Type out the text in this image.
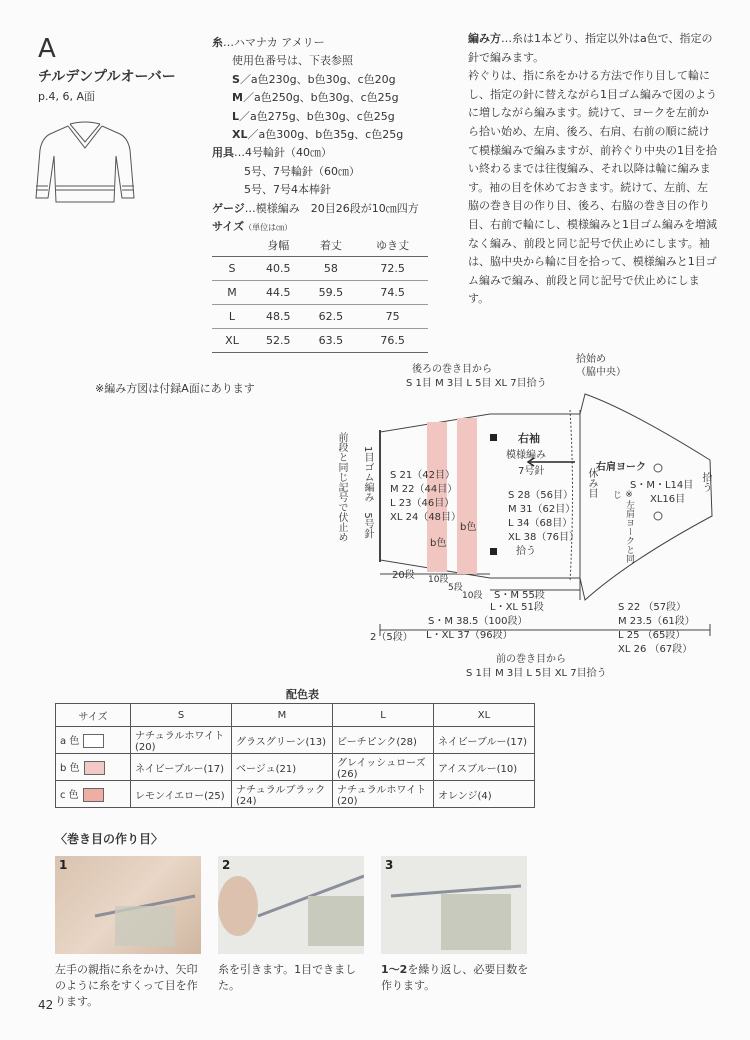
A
チルデンプルオーバー
p.4, 6, A面
糸…ハマナカ アメリー
使用色番号は、下表参照
S／a色230g、b色30g、c色20g
M／a色250g、b色30g、c色25g
L／a色275g、b色30g、c色25g
XL／a色300g、b色35g、c色25g
用具…4号輪針（40㎝）
5号、7号輪針（60㎝）
5号、7号4本棒針
ゲージ…模様編み　20目26段が10㎝四方
サイズ（単位は㎝）
	身幅	着丈	ゆき丈
S	40.5	58	72.5
M	44.5	59.5	74.5
L	48.5	62.5	75
XL	52.5	63.5	76.5

編み方…糸は1本どり、指定以外はa色で、指定の針で編みます。

衿ぐりは、指に糸をかける方法で作り目して輪にし、指定の針に替えながら1目ゴム編みで図のように増しながら編みます。続けて、ヨークを左前から拾い始め、左肩、後ろ、右肩、右前の順に続けて模様編みで編みますが、前衿ぐり中央の1目を拾い終わるまでは往復編み、それ以降は輪に編みます。袖の目を休めておきます。続けて、左前、左脇の巻き目の作り目、後ろ、右脇の巻き目の作り目、右前で輪にし、模様編みと1目ゴム編みを増減なく編み、前段と同じ記号で伏止めにします。袖は、脇中央から輪に目を拾って、模様編みと1目ゴム編みで編み、前段と同じ記号で伏止めにします。

※編み方図は付録A面にあります
後ろの巻き目から
S 1目 M 3目 L 5目 XL 7目拾う
拾始め
（脇中央）
右袖
模様編み
7号針	右肩ヨーク
S・M・L14目
XL16目
S 21（42目）
M 22（44目）
L 23（46目）
XL 24（48目）
b色
b色
S 28（56目）
M 31（62目）
L 34（68目）
XL 38（76目）
拾う
20段 10段
5段
10段 S・M 55段
L・XL 51段
S・M 38.5（100段）
L・XL 37（96段）
2（5段）
S 22 （57段）
M 23.5（61段）
L 25 （65段）
XL 26 （67段）
前の巻き目から
S 1目 M 3目 L 5目 XL 7目拾う
前段と同じ記号で伏止め 1目ゴム編み　5号針	休み目
※左肩ヨークと同じ
拾う
配色表
サイズ	S	M	L	XL
a 色	ナチュラルホワイト(20)	グラスグリーン(13)	ピーチピンク(28)	ネイビーブルー(17)
b 色	ネイビーブルー(17)	ベージュ(21)	グレイッシュローズ(26)	アイスブルー(10)
c 色	レモンイエロー(25)	ナチュラルブラック(24)	ナチュラルホワイト(20)	オレンジ(4)
〈巻き目の作り目〉
1	2	3
左手の親指に糸をかけ、矢印のように糸をすくって目を作ります。
糸を引きます。1目できました。
1～2を繰り返し、必要目数を作ります。
42
